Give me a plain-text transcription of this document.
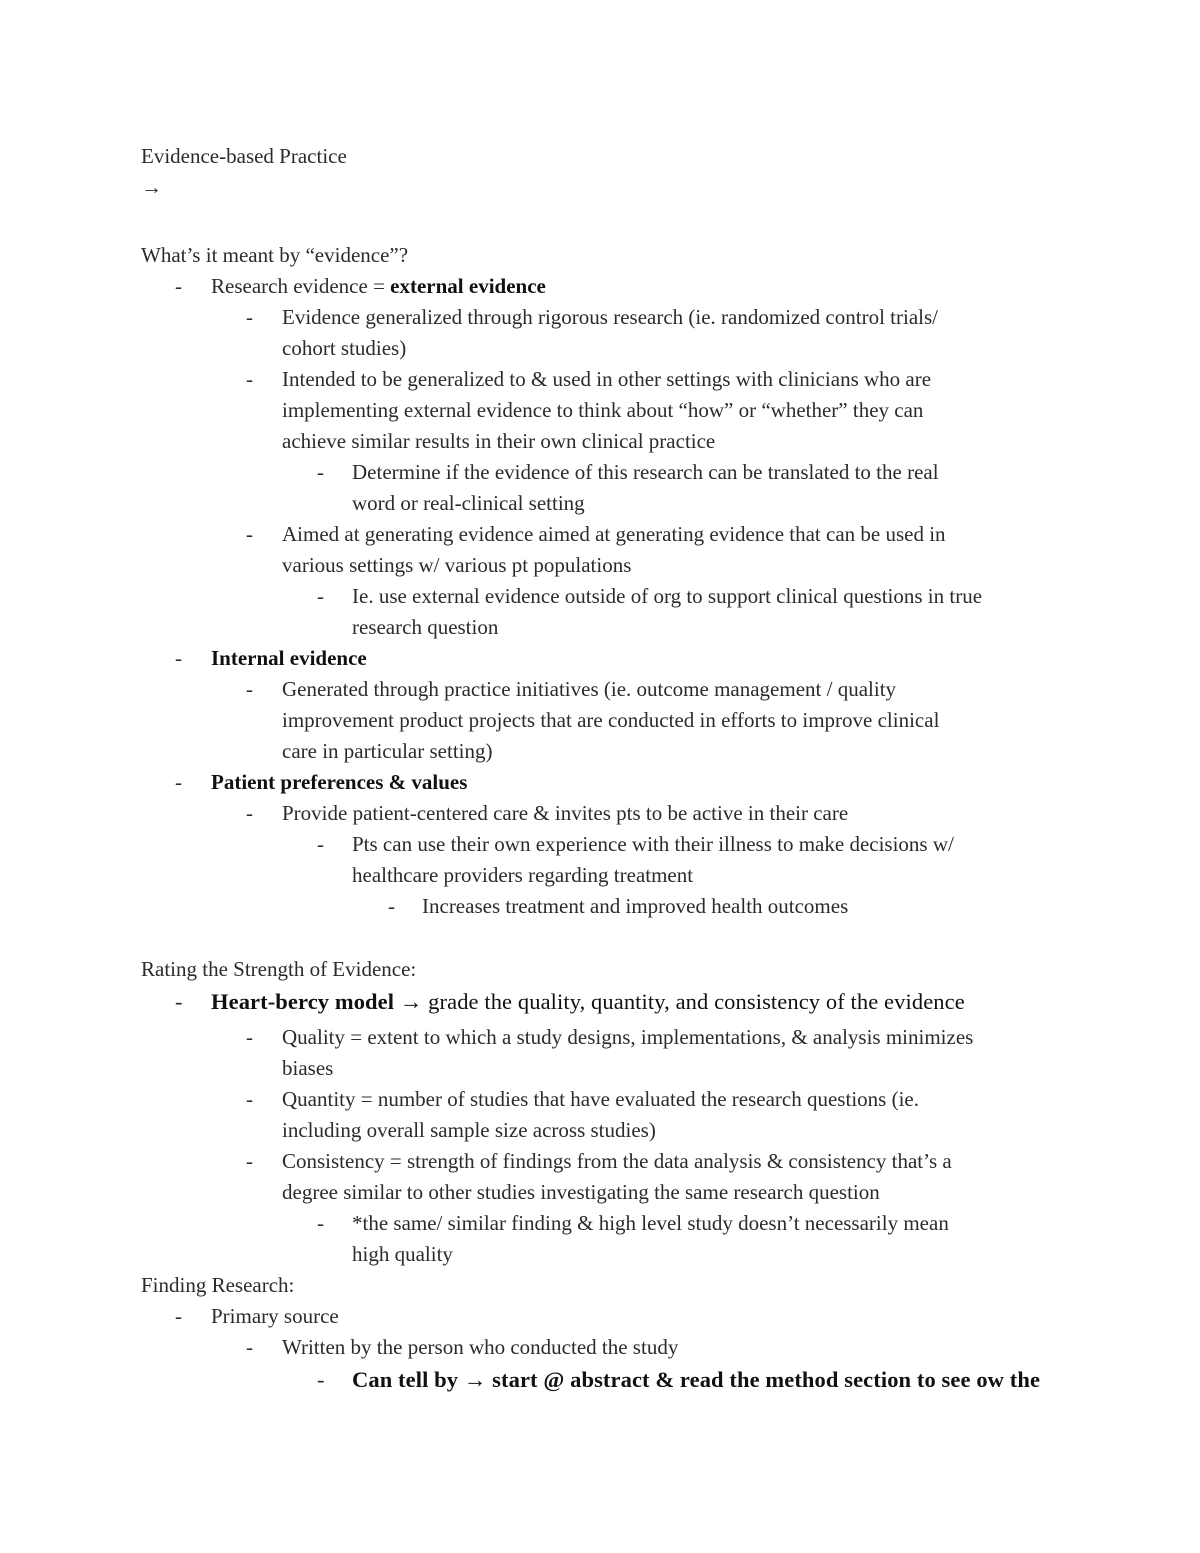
Evidence-based Practice
→
What’s it meant by “evidence”?
-	Research evidence = external evidence
-	Evidence generalized through rigorous research (ie. randomized control trials/
cohort studies)
-	Intended to be generalized to & used in other settings with clinicians who are
implementing external evidence to think about “how” or “whether” they can
achieve similar results in their own clinical practice
-	Determine if the evidence of this research can be translated to the real
word or real-clinical setting
-	Aimed at generating evidence aimed at generating evidence that can be used in
various settings w/ various pt populations
-	Ie. use external evidence outside of org to support clinical questions in true
research question
-	Internal evidence
-	Generated through practice initiatives (ie. outcome management / quality
improvement product projects that are conducted in efforts to improve clinical
care in particular setting)
-	Patient preferences & values
-	Provide patient-centered care & invites pts to be active in their care
-	Pts can use their own experience with their illness to make decisions w/
healthcare providers regarding treatment
-	Increases treatment and improved health outcomes
Rating the Strength of Evidence:
-	Heart-bercy model → grade the quality, quantity, and consistency of the evidence
-	Quality = extent to which a study designs, implementations, & analysis minimizes
biases
-	Quantity = number of studies that have evaluated the research questions (ie.
including overall sample size across studies)
-	Consistency = strength of findings from the data analysis & consistency that’s a
degree similar to other studies investigating the same research question
-	*the same/ similar finding & high level study doesn’t necessarily mean
high quality
Finding Research:
-	Primary source
-	Written by the person who conducted the study
-	Can tell by → start @ abstract & read the method section to see ow the
